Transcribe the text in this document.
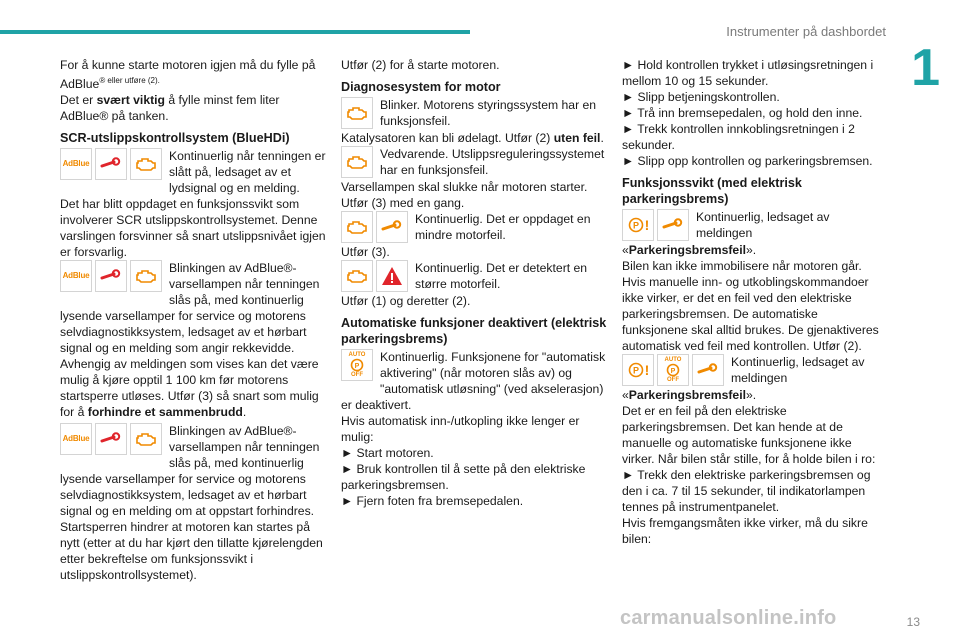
Instrumenter på dashbordet
1
13
carmanualsonline.info

For å kunne starte motoren igjen må du fylle på AdBlue$^{® eller utføre (2).}$
Det er svært viktig å fylle minst fem liter
AdBlue® på tanken.

SCR-utslippskontrollsystem (BlueHDi)
AdBlue
Kontinuerlig når tenningen er slått på, ledsaget av et lydsignal og en melding.

Det har blitt oppdaget en funksjonssvikt som involverer SCR utslippskontrollsystemet. Denne varslingen forsvinner så snart utslippsnivået igjen er forsvarlig.

AdBlue
Blinkingen av AdBlue®-varsellampen når tenningen slås på, med kontinuerlig lysende varsellamper for service og motorens selvdiagnostikksystem, ledsaget av et hørbart signal og en melding som angir rekkevidde.

Avhengig av meldingen som vises kan det være mulig å kjøre opptil 1 100 km før motorens startsperre utløses. Utfør (3) så snart som mulig for å forhindre et sammenbrudd.

AdBlue
Blinkingen av AdBlue®-varsellampen når tenningen slås på, med kontinuerlig lysende varsellamper for service og motorens selvdiagnostikksystem, ledsaget av et hørbart signal og en melding om at oppstart forhindres.

Startsperren hindrer at motoren kan startes på nytt (etter at du har kjørt den tillatte kjørelengden etter bekreftelse om funksjonssvikt i utslippskontrollsystemet).

Utfør (2) for å starte motoren.

Diagnosesystem for motor
Blinker. Motorens styringssystem har en funksjonsfeil.

Katalysatoren kan bli ødelagt. Utfør (2) uten feil.

Vedvarende. Utslippsreguleringssystemet har en funksjonsfeil.

Varsellampen skal slukke når motoren starter. Utfør (3) med en gang.

Kontinuerlig. Det er oppdaget en mindre motorfeil.

Utfør (3).

Kontinuerlig. Det er detektert en større motorfeil.

Utfør (1) og deretter (2).

Automatiske funksjoner deaktivert (elektrisk parkeringsbrems)
AUTO
P
OFF
Kontinuerlig. Funksjonene for "automatisk aktivering" (når motoren slås av) og "automatisk utløsning" (ved akselerasjon) er deaktivert.

Hvis automatisk inn-/utkopling ikke lenger er mulig:

► Start motoren.

► Bruk kontrollen til å sette på den elektriske parkeringsbremsen.

► Fjern foten fra bremsepedalen.

► Hold kontrollen trykket i utløsingsretningen i mellom 10 og 15 sekunder.

► Slipp betjeningskontrollen.

► Trå inn bremsepedalen, og hold den inne.

► Trekk kontrollen innkoblingsretningen i 2 sekunder.

► Slipp opp kontrollen og parkeringsbremsen.

Funksjonssvikt (med elektrisk parkeringsbrems)
P !	Kontinuerlig, ledsaget av meldingen

«Parkeringsbremsfeil».

Bilen kan ikke immobilisere når motoren går. Hvis manuelle inn- og utkoblingskommandoer ikke virker, er det en feil ved den elektriske parkeringsbremsen. De automatiske funksjonene skal alltid brukes. De gjenaktiveres automatisk ved feil med kontrollen. Utfør (2).

P !
AUTO
P
OFF
Kontinuerlig, ledsaget av meldingen

«Parkeringsbremsfeil».

Det er en feil på den elektriske parkeringsbremsen. Det kan hende at de manuelle og automatiske funksjonene ikke virker. Når bilen står stille, for å holde bilen i ro:

► Trekk den elektriske parkeringsbremsen og den i ca. 7 til 15 sekunder, til indikatorlampen tennes på instrumentpanelet.

Hvis fremgangsmåten ikke virker, må du sikre bilen:
